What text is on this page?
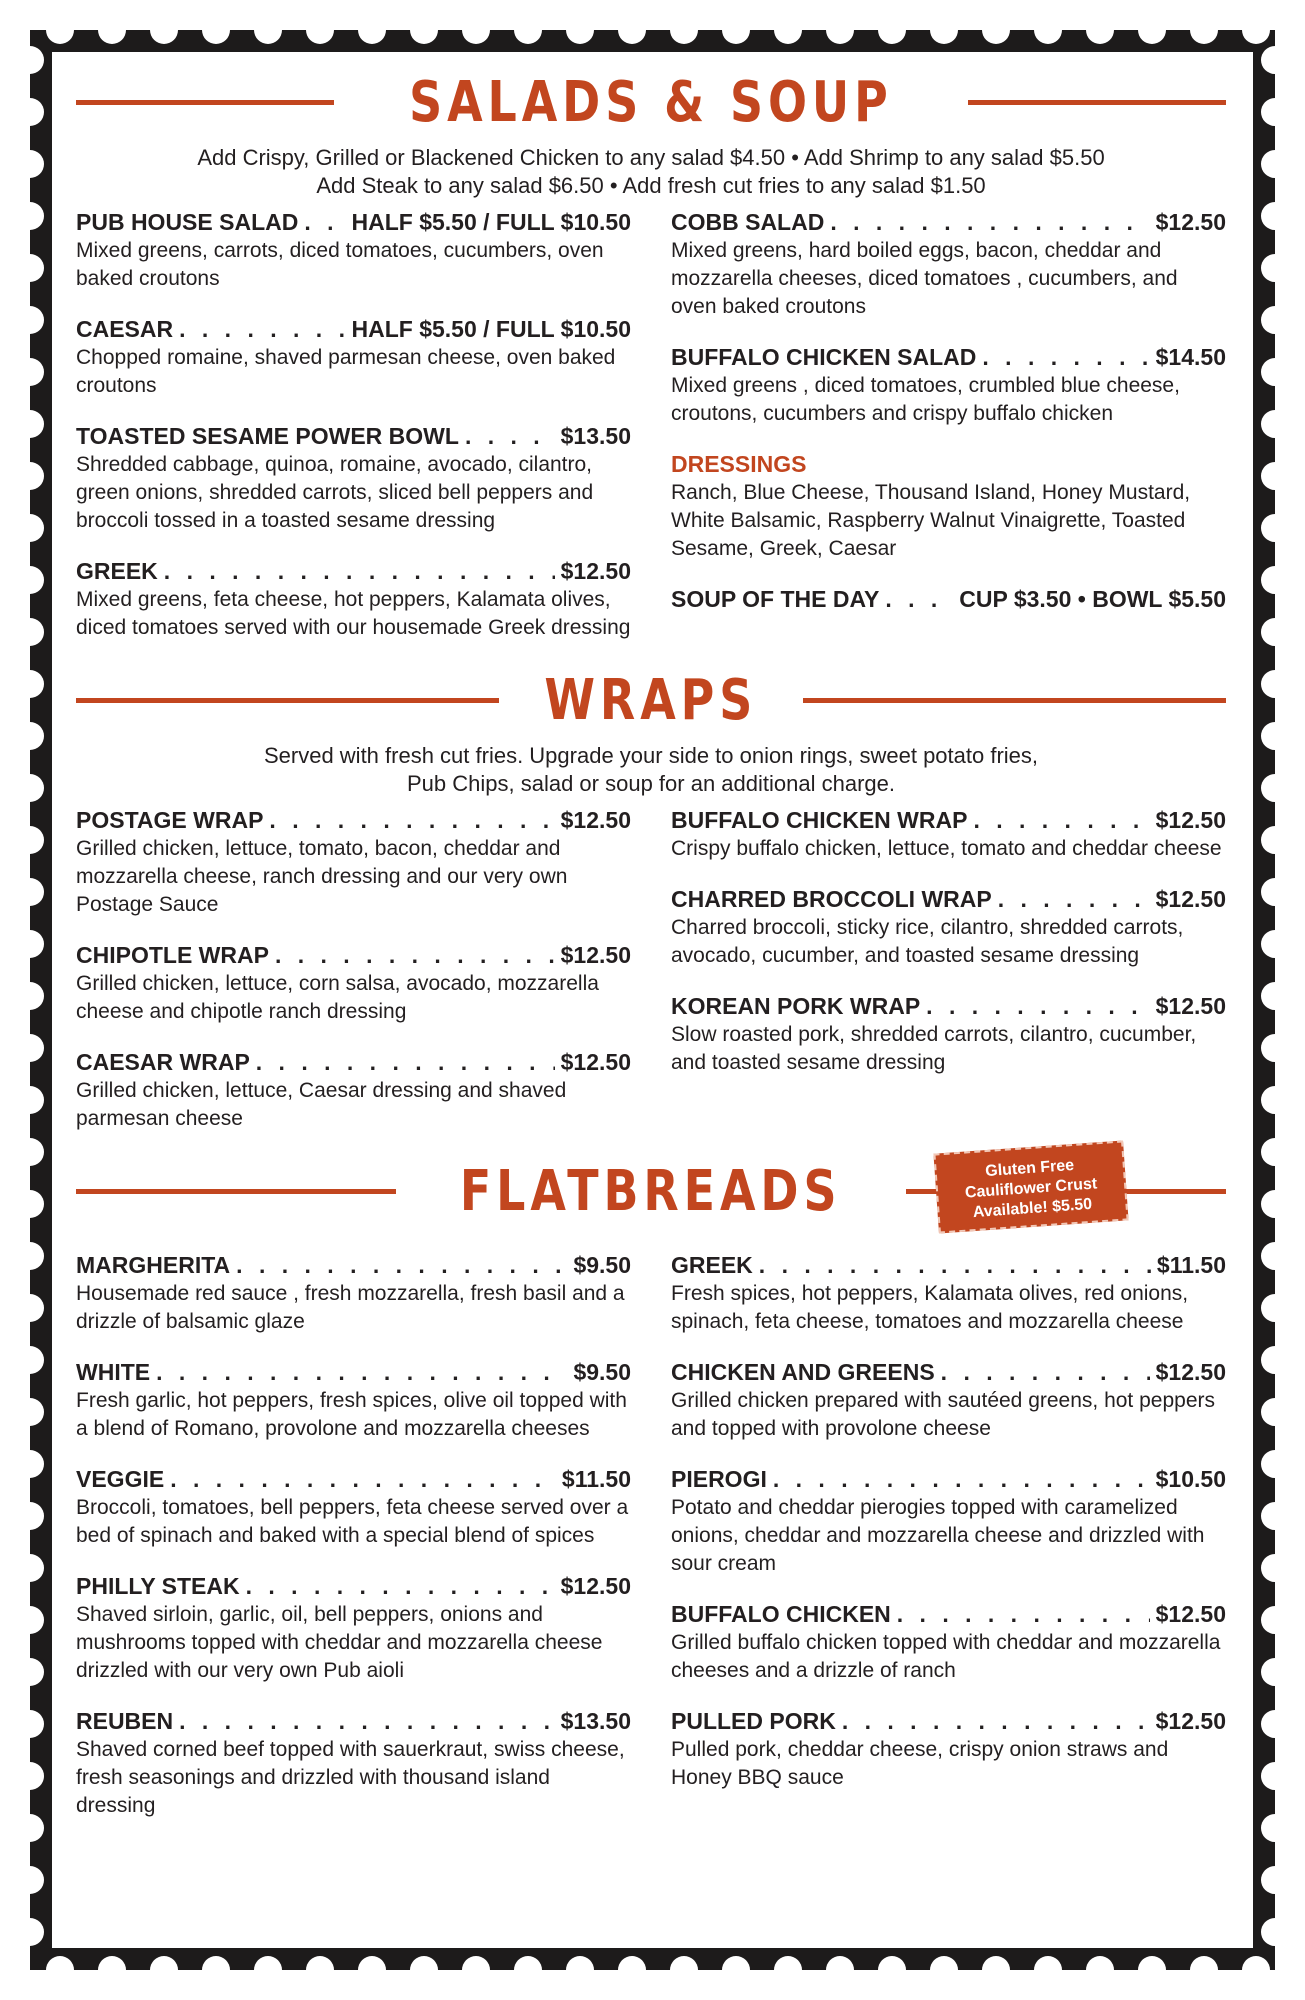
SALADS & SOUP
Add Crispy, Grilled or Blackened Chicken to any salad $4.50 • Add Shrimp to any salad $5.50
Add Steak to any salad $6.50 • Add fresh cut fries to any salad $1.50
PUB HOUSE SALAD . . . HALF $5.50 / FULL $10.50
Mixed greens, carrots, diced tomatoes, cucumbers, oven baked croutons
CAESAR . . .	HALF $5.50 / FULL $10.50
Chopped romaine, shaved parmesan cheese, oven baked croutons
TOASTED SESAME POWER BOWL . . .	$13.50
Shredded cabbage, quinoa, romaine, avocado, cilantro, green onions, shredded carrots, sliced bell peppers and broccoli tossed in a toasted sesame dressing
GREEK . . .	$12.50
Mixed greens, feta cheese, hot peppers, Kalamata olives, diced tomatoes served with our housemade Greek dressing
COBB SALAD . . .	$12.50
Mixed greens, hard boiled eggs, bacon, cheddar and mozzarella cheeses, diced tomatoes , cucumbers, and oven baked croutons
BUFFALO CHICKEN SALAD . . .	$14.50
Mixed greens , diced tomatoes, crumbled blue cheese, croutons, cucumbers and crispy buffalo chicken
DRESSINGS
Ranch, Blue Cheese, Thousand Island, Honey Mustard, White Balsamic, Raspberry Walnut Vinaigrette, Toasted Sesame, Greek, Caesar
SOUP OF THE DAY . . .	CUP $3.50 • BOWL $5.50
WRAPS
Served with fresh cut fries. Upgrade your side to onion rings, sweet potato fries,
Pub Chips, salad or soup for an additional charge.
POSTAGE WRAP . . .	$12.50
Grilled chicken, lettuce, tomato, bacon, cheddar and mozzarella cheese, ranch dressing and our very own Postage Sauce
CHIPOTLE WRAP . . .	$12.50
Grilled chicken, lettuce, corn salsa, avocado, mozzarella cheese and chipotle ranch dressing
CAESAR WRAP . . .	$12.50
Grilled chicken, lettuce, Caesar dressing and shaved parmesan cheese
BUFFALO CHICKEN WRAP . . .	$12.50
Crispy buffalo chicken, lettuce, tomato and cheddar cheese
CHARRED BROCCOLI WRAP . . .	$12.50
Charred broccoli, sticky rice, cilantro, shredded carrots, avocado, cucumber, and toasted sesame dressing
KOREAN PORK WRAP . . .	$12.50
Slow roasted pork, shredded carrots, cilantro, cucumber, and toasted sesame dressing
FLATBREADS	Gluten Free
Cauliflower Crust
Available! $5.50
MARGHERITA . . .	$9.50
Housemade red sauce , fresh mozzarella, fresh basil and a drizzle of balsamic glaze
WHITE . . .	$9.50
Fresh garlic, hot peppers, fresh spices, olive oil topped with a blend of Romano, provolone and mozzarella cheeses
VEGGIE . . .	$11.50
Broccoli, tomatoes, bell peppers, feta cheese served over a bed of spinach and baked with a special blend of spices
PHILLY STEAK . . .	$12.50
Shaved sirloin, garlic, oil, bell peppers, onions and mushrooms topped with cheddar and mozzarella cheese drizzled with our very own Pub aioli
REUBEN . . .	$13.50
Shaved corned beef topped with sauerkraut, swiss cheese, fresh seasonings and drizzled with thousand island dressing
GREEK . . .	$11.50
Fresh spices, hot peppers, Kalamata olives, red onions, spinach, feta cheese, tomatoes and mozzarella cheese
CHICKEN AND GREENS . . .	$12.50
Grilled chicken prepared with sautéed greens, hot peppers and topped with provolone cheese
PIEROGI . . .	$10.50
Potato and cheddar pierogies topped with caramelized onions, cheddar and mozzarella cheese and drizzled with sour cream
BUFFALO CHICKEN . . .	$12.50
Grilled buffalo chicken topped with cheddar and mozzarella cheeses and a drizzle of ranch
PULLED PORK . . .	$12.50
Pulled pork, cheddar cheese, crispy onion straws and Honey BBQ sauce
